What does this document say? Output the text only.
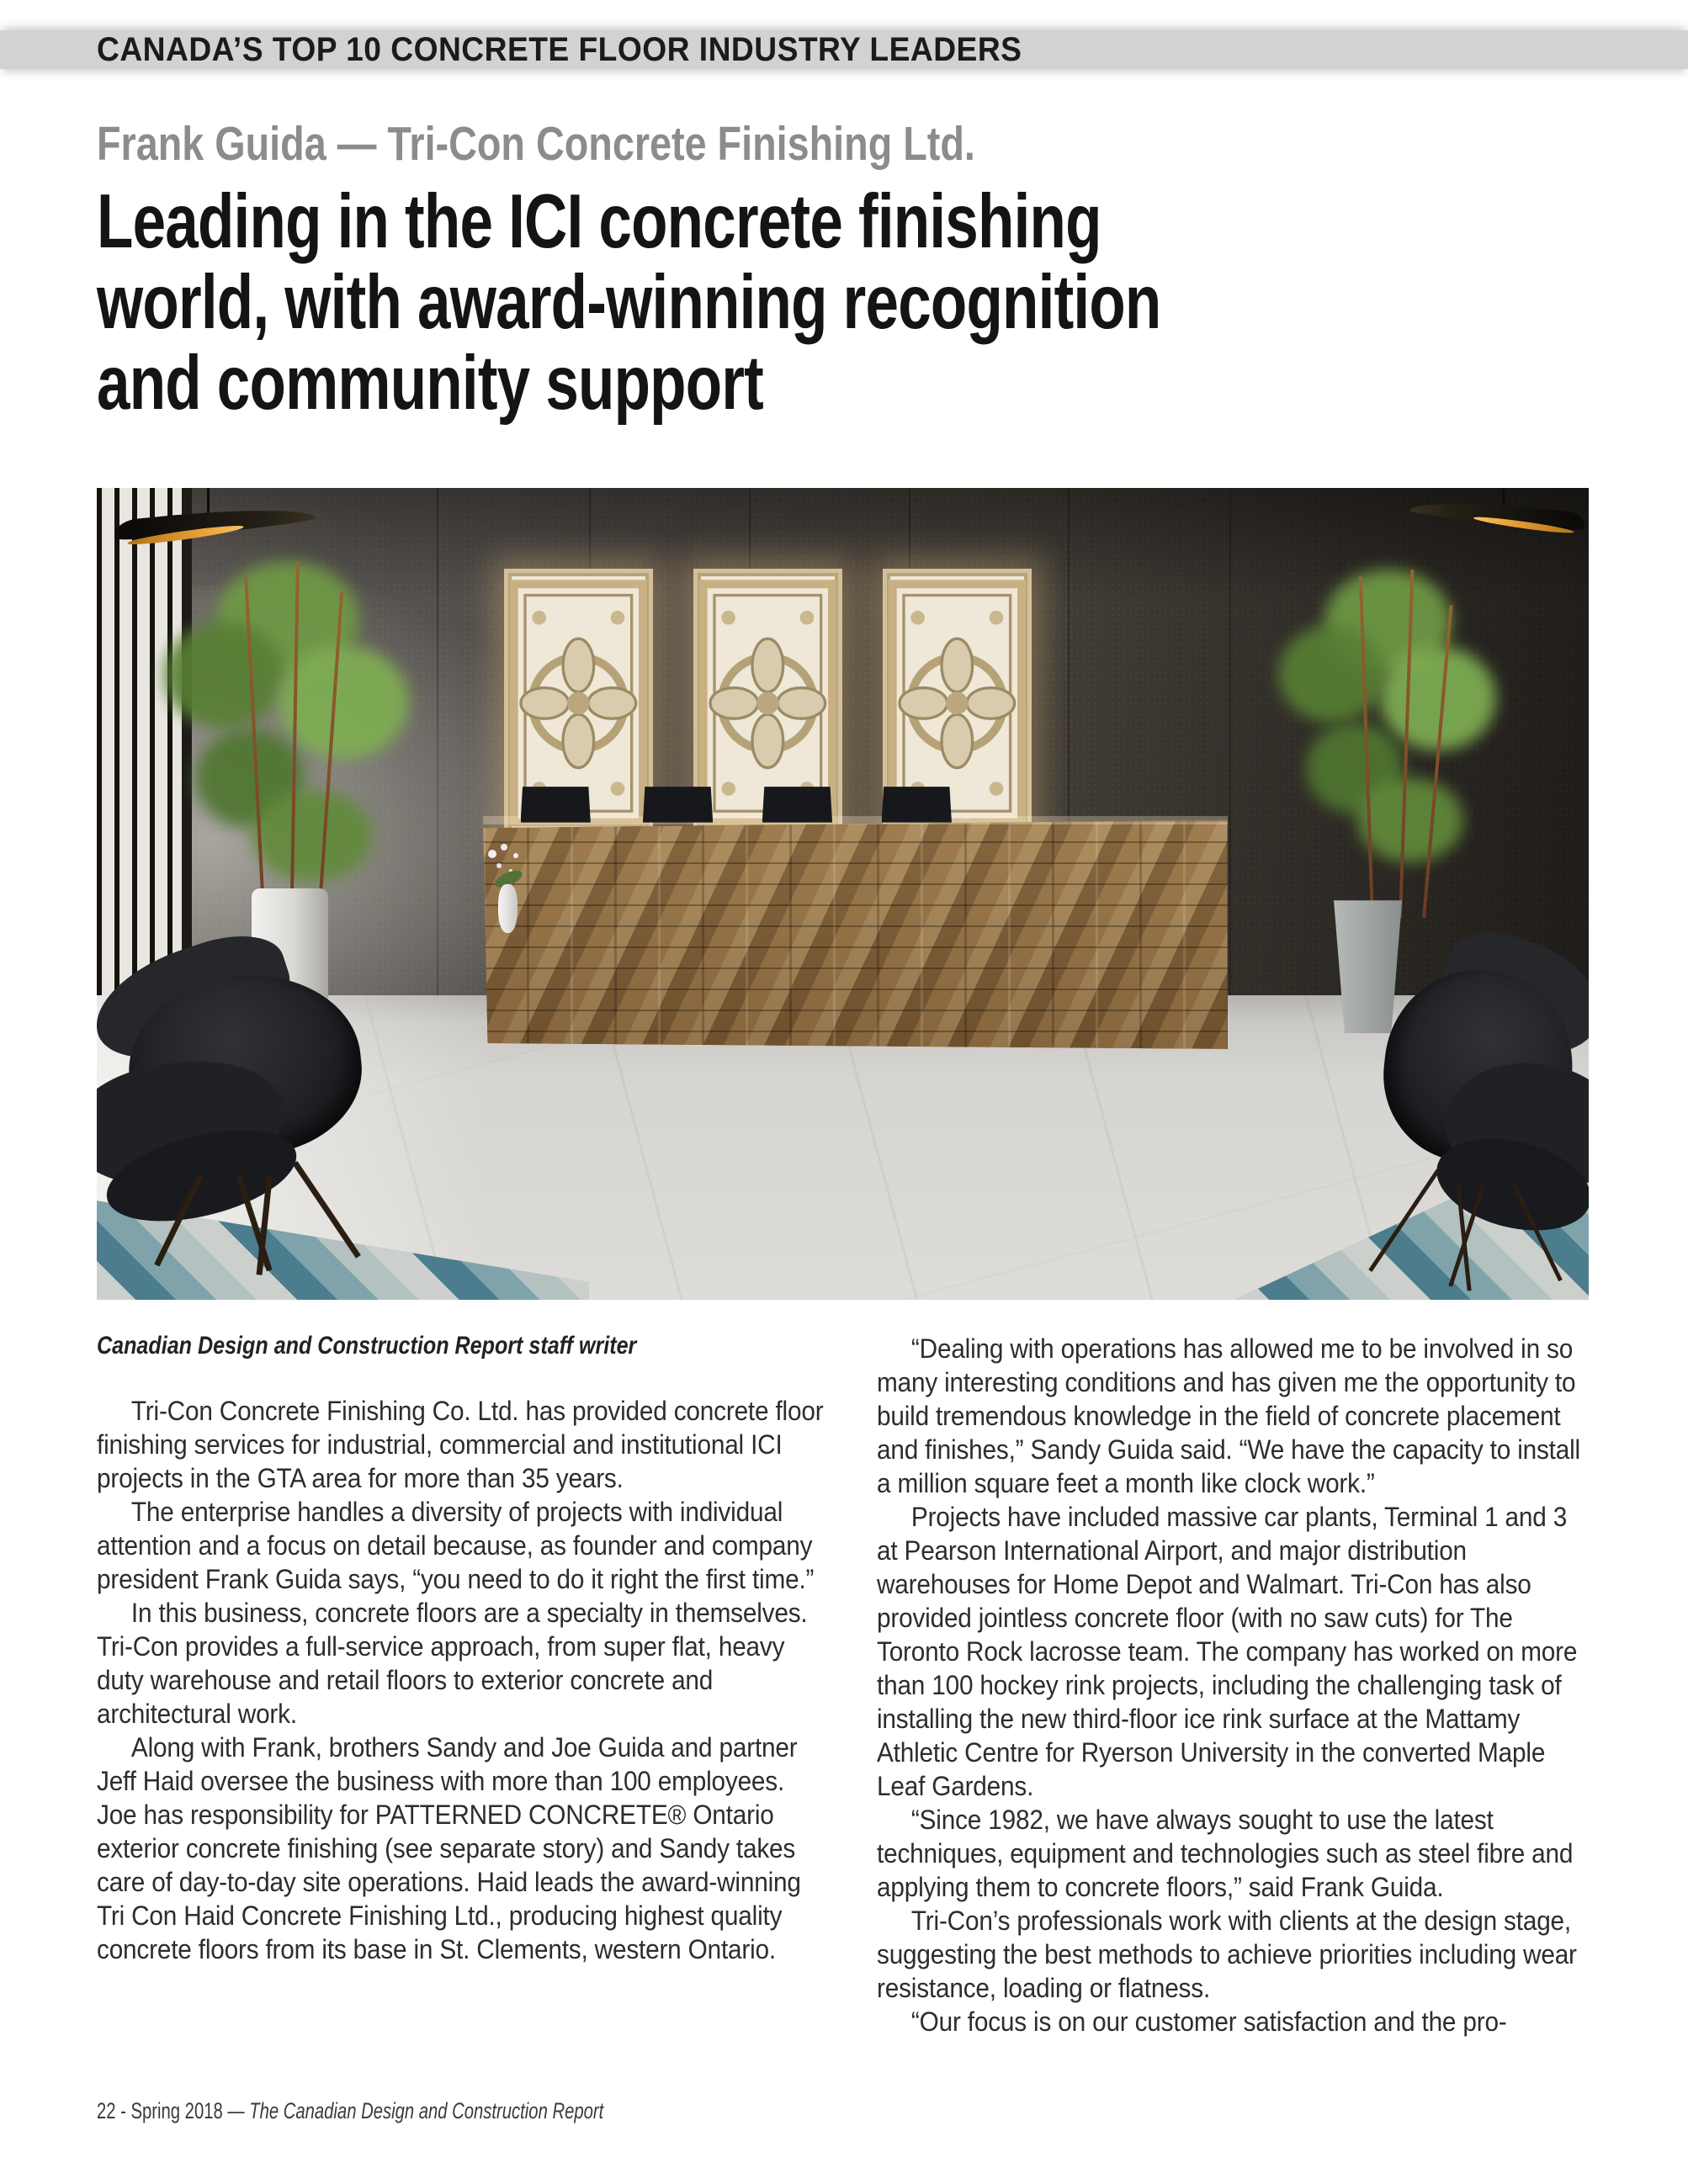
CANADA’S TOP 10 CONCRETE FLOOR INDUSTRY LEADERS
Frank Guida — Tri-Con Concrete Finishing Ltd.
Leading in the ICI concrete finishing
world, with award-winning recognition
and community support
Canadian Design and Construction Report staff writer

Tri-Con Concrete Finishing Co. Ltd. has provided concrete floor finishing services for industrial, commercial and institutional ICI projects in the GTA area for more than 35 years.

The enterprise handles a diversity of projects with individual attention and a focus on detail because, as founder and company president Frank Guida says, “you need to do it right the first time.”

In this business, concrete floors are a specialty in themselves. Tri-Con provides a full-service approach, from super flat, heavy duty warehouse and retail floors to exterior concrete and architectural work.

Along with Frank, brothers Sandy and Joe Guida and partner Jeff Haid oversee the business with more than 100 employees. Joe has responsibility for PATTERNED CONCRETE® Ontario exterior concrete finishing (see separate story) and Sandy takes care of day-to-day site operations. Haid leads the award-winning Tri Con Haid Concrete Finishing Ltd., producing highest quality concrete floors from its base in St. Clements, western Ontario.

“Dealing with operations has allowed me to be involved in so many interesting conditions and has given me the opportunity to build tremendous knowledge in the field of concrete placement and finishes,” Sandy Guida said. “We have the capacity to install a million square feet a month like clock work.”

Projects have included massive car plants, Terminal 1 and 3 at Pearson International Airport, and major distribution warehouses for Home Depot and Walmart. Tri-Con has also provided jointless concrete floor (with no saw cuts) for The Toronto Rock lacrosse team. The company has worked on more than 100 hockey rink projects, including the challenging task of installing the new third-floor ice rink surface at the Mattamy Athletic Centre for Ryerson University in the converted Maple Leaf Gardens.

“Since 1982, we have always sought to use the latest techniques, equipment and technologies such as steel fibre and applying them to concrete floors,” said Frank Guida.

Tri-Con’s professionals work with clients at the design stage, suggesting the best methods to achieve priorities including wear resistance, loading or flatness.

“Our focus is on our customer satisfaction and the pro-

22 - Spring 2018 — The Canadian Design and Construction Report
